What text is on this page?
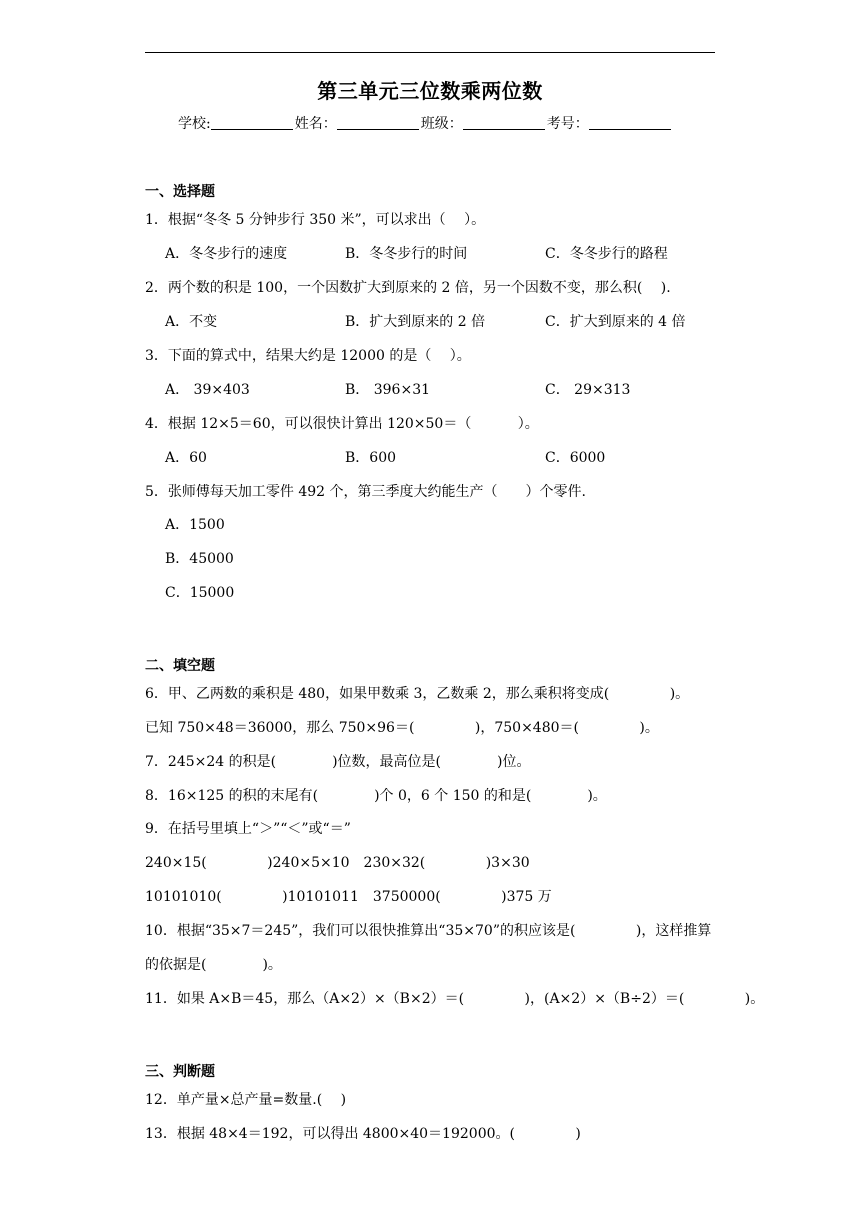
第三单元三位数乘两位数
学校:	姓名：	班级：	考号：
一、选择题
1．根据“冬冬 5 分钟步行 350 米”，可以求出（　 ）。
A．冬冬步行的速度	B．冬冬步行的时间	C．冬冬步行的路程
2．两个数的积是 100，一个因数扩大到原来的 2 倍，另一个因数不变，那么积(　 ).
A．不变	B．扩大到原来的 2 倍	C．扩大到原来的 4 倍
3．下面的算式中，结果大约是 12000 的是（　 ）。
A． 39×403	B． 396×31	C． 29×313
4．根据 12×5＝60，可以很快计算出 120×50＝（　　　 ）。
A．60	B．600	C．6000
5．张师傅每天加工零件 492 个，第三季度大约能生产（　　）个零件.
A．1500
B．45000
C．15000
二、填空题
6．甲、乙两数的乘积是 480，如果甲数乘 3，乙数乘 2，那么乘积将变成(　　　　 )。
已知 750×48＝36000，那么 750×96＝(　　　　 )，750×480＝(　　　　 )。
7．245×24 的积是(　　　　)位数，最高位是(　　　　)位。
8．16×125 的积的末尾有(　　　　)个 0，6 个 150 的和是(　　　　)。
9．在括号里填上“＞”“＜”或“＝”
240×15(　　　　 )240×5×10　230×32(　　　　 )3×30
10101010(　　　　 )10101011　3750000(　　　　 )375 万
10．根据“35×7＝245”，我们可以很快推算出“35×70”的积应该是(　　　　 )，这样推算
的依据是(　　　　)。
11．如果 A×B＝45，那么（A×2）×（B×2）＝(　　　　 )，(A×2）×（B÷2）＝(　　　　 )。
三、判断题
12．单产量×总产量=数量.(　 )
13．根据 48×4＝192，可以得出 4800×40＝192000。(　　　　 )
